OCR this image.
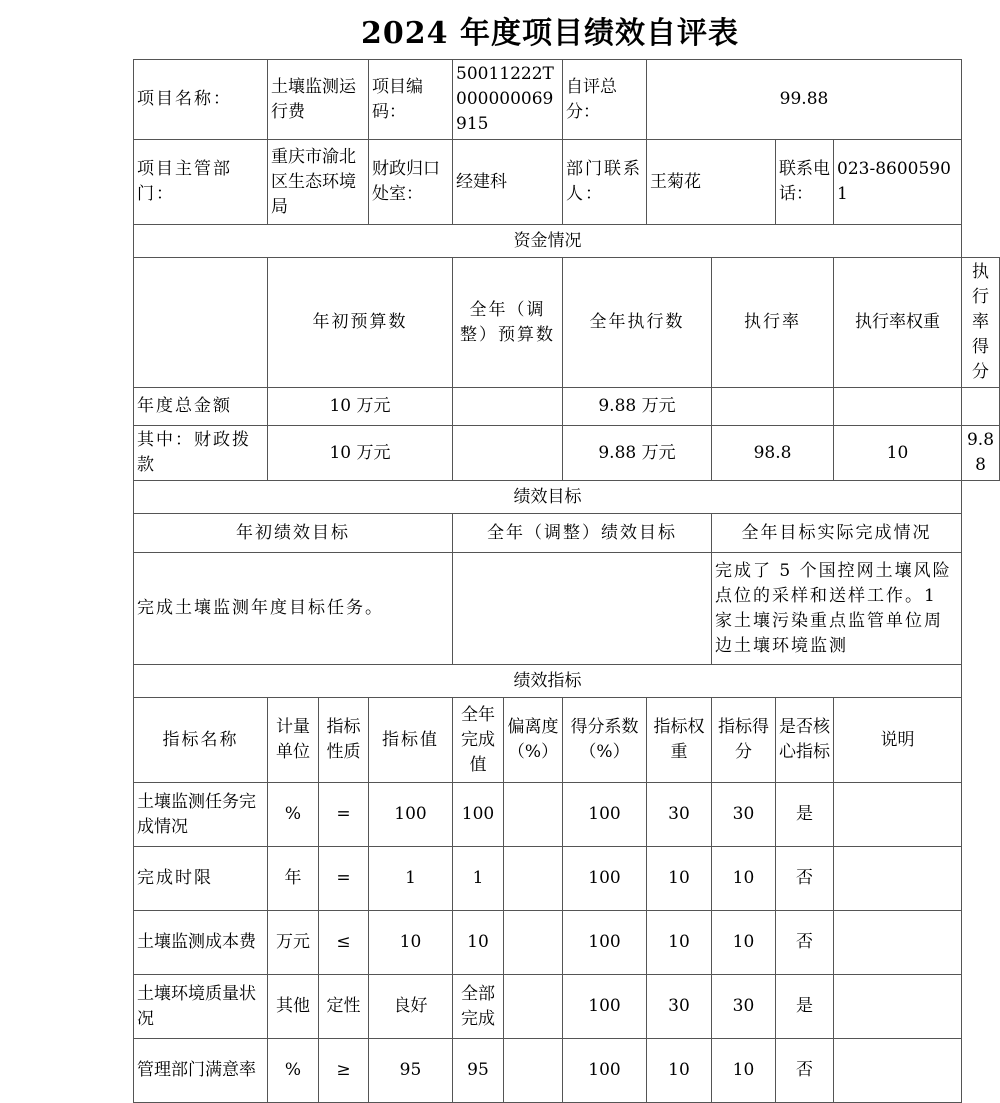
2024 年度项目绩效自评表
项目名称：	土壤监测运行费		项目编码：	50011222T000000069915		自评总分：	99.88				
项目主管部门：	重庆市渝北区生态环境局		财政归口处室：	经建科		部门联系人：	王菊花		联系电话：	023-86005901	
资金情况											
	年初预算数			全年（调整）预算数		全年执行数		执行率		执行率权重	执行率得分
年度总金额	10 万元					9.88 万元					
其中：财政拨款	10 万元					9.88 万元		98.8		10	9.88
绩效目标											
年初绩效目标				全年（调整）绩效目标				全年目标实际完成情况			
完成土壤监测年度目标任务。								完成了 5 个国控网土壤风险点位的采样和送样工作。1 家土壤污染重点监管单位周边土壤环境监测			
绩效指标											
指标名称	计量单位	指标性质	指标值	全年完成值	偏离度（%）	得分系数（%）	指标权重	指标得分	是否核心指标	说明	
土壤监测任务完成情况	%	=	100	100		100	30	30	是		
完成时限	年	=	1	1		100	10	10	否		
土壤监测成本费	万元	≤	10	10		100	10	10	否		
土壤环境质量状况	其他	定性	良好	全部完成		100	30	30	是		
管理部门满意率	%	≥	95	95		100	10	10	否		
